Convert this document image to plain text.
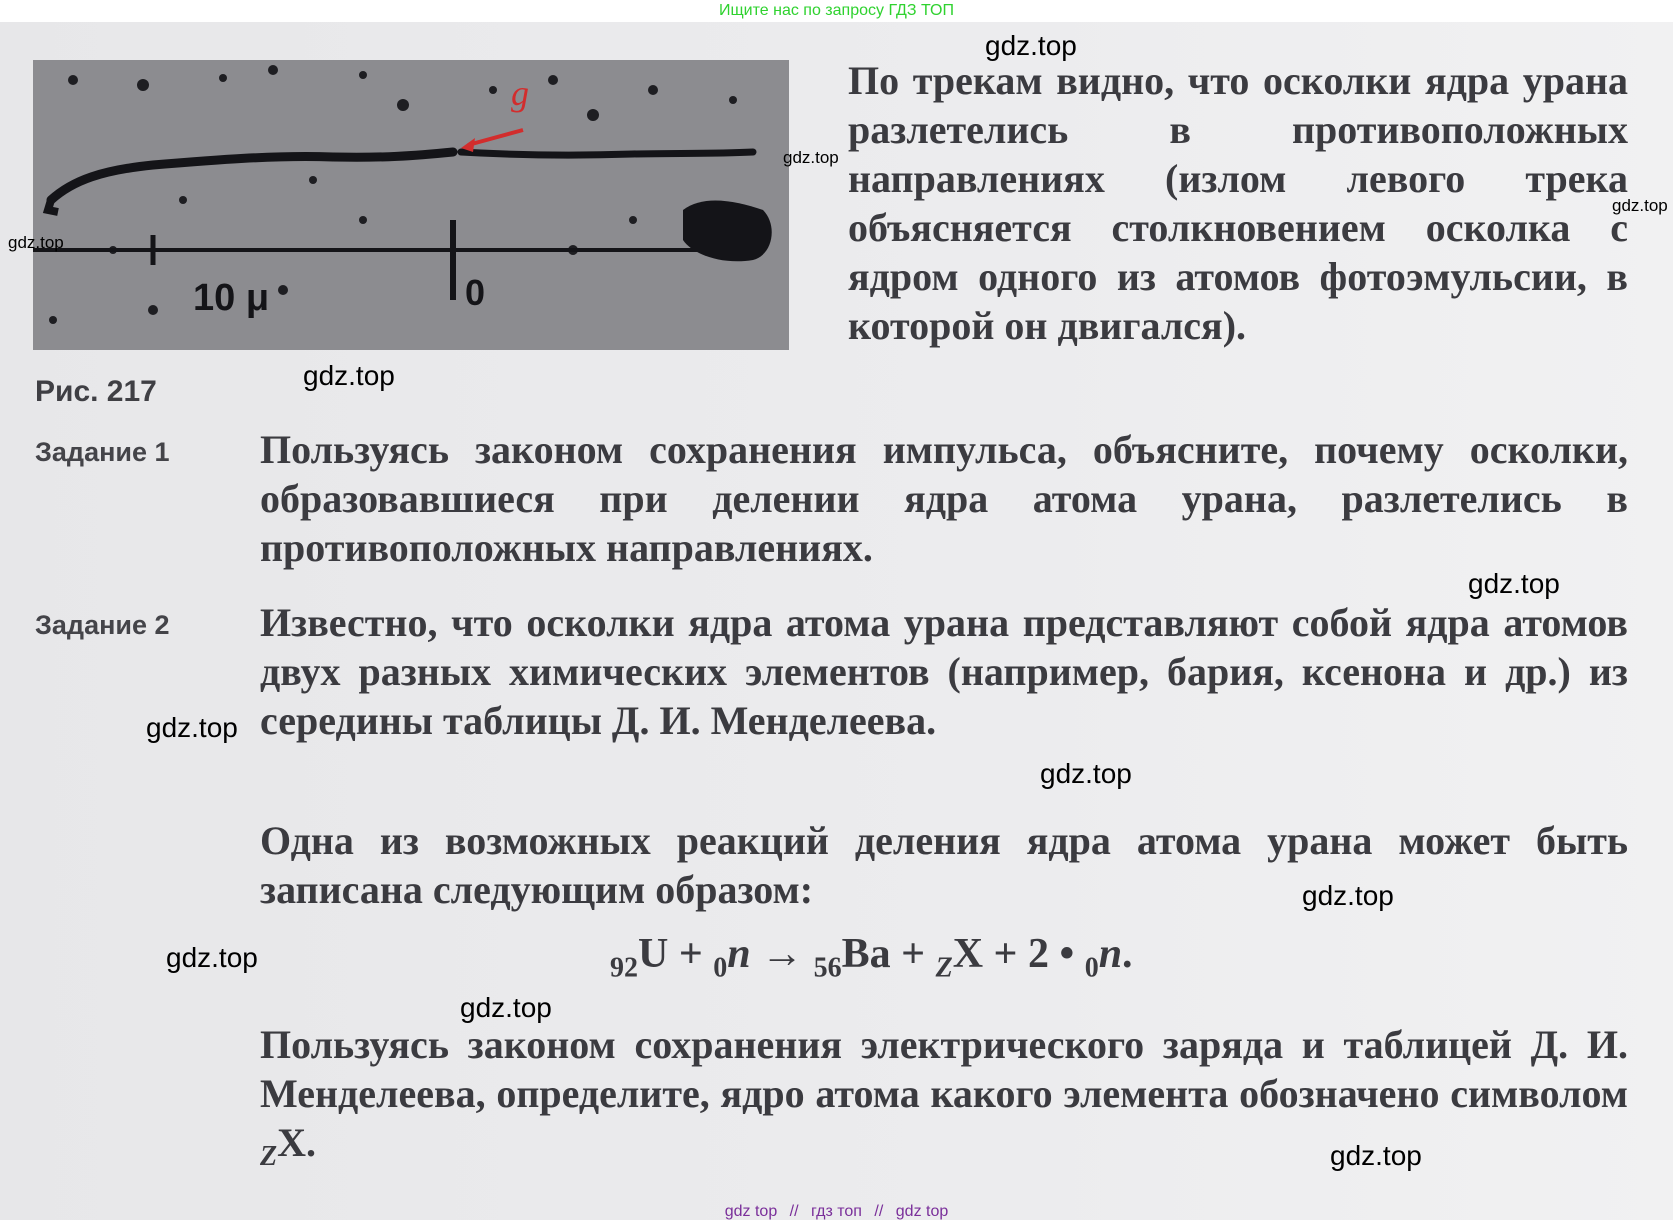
Ищите нас по запросу ГДЗ ТОП
g
10 μ	0
Рис. 217
По трекам видно, что осколки ядра урана разлетелись в противоположных направлениях (излом левого трека объясняется столкновением осколка с ядром одного из атомов фотоэмульсии, в которой он двигался).
Задание 1 Пользуясь законом сохранения импульса, объясните, почему осколки, образовавшиеся при делении ядра атома урана, разлетелись в противоположных направлениях.
Задание 2 Известно, что осколки ядра атома урана представляют собой ядра атомов двух разных химических элементов (например, бария, ксенона и др.) из середины таблицы Д. И. Менделеева.
Одна из возможных реакций деления ядра атома урана может быть записана следующим образом:
$_{92}$U + $_0$n → $_{56}$Ba + $_Z$X + 2 • $_0$n.
Пользуясь законом сохранения электрического заряда и таблицей Д. И. Менделеева, определите, ядро атома какого элемента обозначено символом $_Z$X.
gdz.top
gdz.top
gdz.top
gdz.top
gdz.top
gdz.top
gdz.top
gdz.top
gdz.top
gdz.top
gdz.top
gdz.top
gdz top // гдз топ // gdz top
